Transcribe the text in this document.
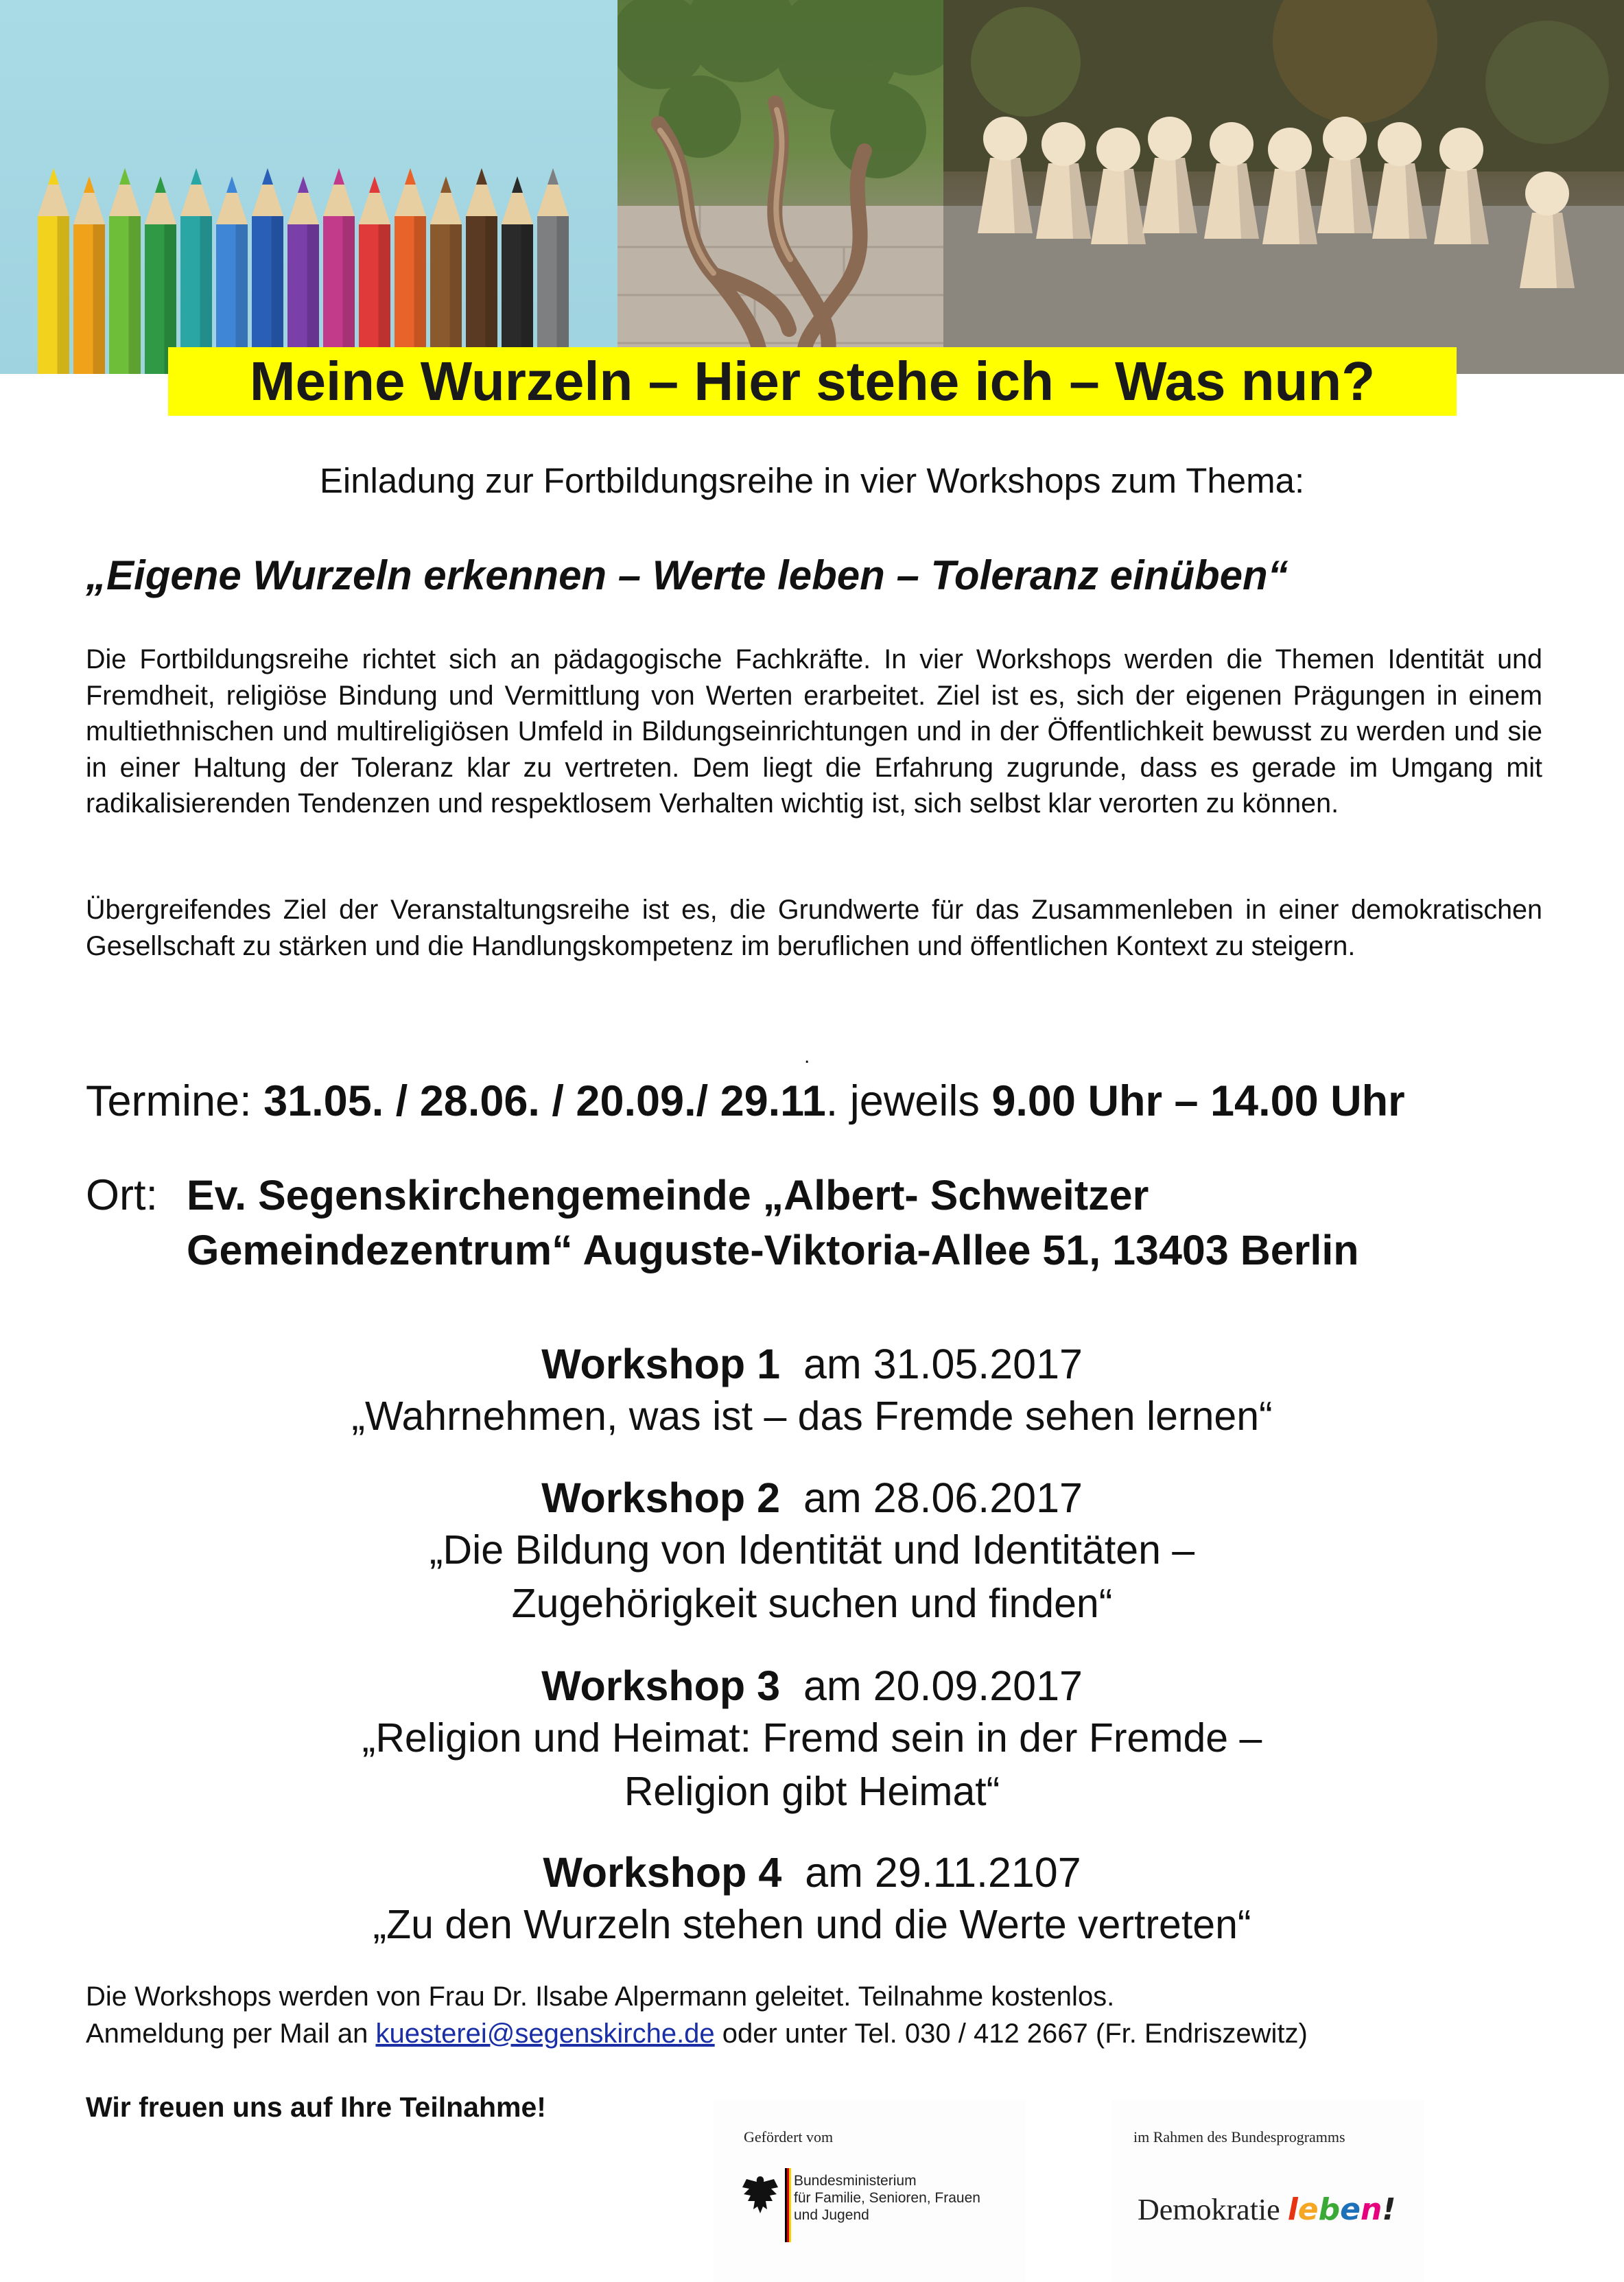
Meine Wurzeln – Hier stehe ich – Was nun?
Einladung zur Fortbildungsreihe in vier Workshops zum Thema:
„Eigene Wurzeln erkennen – Werte leben – Toleranz einüben“

Die Fortbildungsreihe richtet sich an pädagogische Fachkräfte. In vier Workshops werden die Themen Identität und Fremdheit, religiöse Bindung und Vermittlung von Werten erarbeitet. Ziel ist es, sich der eigenen Prägungen in einem multiethnischen und multireligiösen Umfeld in Bildungseinrichtungen und in der Öffentlichkeit bewusst zu werden und sie in einer Haltung der Toleranz klar zu vertreten. Dem liegt die Erfahrung zugrunde, dass es gerade im Umgang mit radikalisierenden Tendenzen und respektlosem Verhalten wichtig ist, sich selbst klar verorten zu können.

Übergreifendes Ziel der Veranstaltungsreihe ist es, die Grundwerte für das Zusammenleben in einer demokratischen Gesellschaft zu stärken und die Handlungskompetenz im beruflichen und öffentlichen Kontext zu steigern.

.
Termine: 31.05. / 28.06. / 20.09./ 29.11. jeweils 9.00 Uhr – 14.00 Uhr
Ort: Ev. Segenskirchengemeinde „Albert- Schweitzer
Gemeindezentrum“ Auguste-Viktoria-Allee 51, 13403 Berlin
Workshop 1 am 31.05.2017
„Wahrnehmen, was ist – das Fremde sehen lernen“
Workshop 2 am 28.06.2017
„Die Bildung von Identität und Identitäten –
Zugehörigkeit suchen und finden“
Workshop 3 am 20.09.2017
„Religion und Heimat: Fremd sein in der Fremde –
Religion gibt Heimat“
Workshop 4 am 29.11.2107
„Zu den Wurzeln stehen und die Werte vertreten“
Die Workshops werden von Frau Dr. Ilsabe Alpermann geleitet. Teilnahme kostenlos.
Anmeldung per Mail an kuesterei@segenskirche.de oder unter Tel. 030 / 412 2667 (Fr. Endriszewitz)
Wir freuen uns auf Ihre Teilnahme!
Gefördert vom
Bundesministerium
für Familie, Senioren, Frauen
und Jugend
im Rahmen des Bundesprogramms
Demokratie leben!
